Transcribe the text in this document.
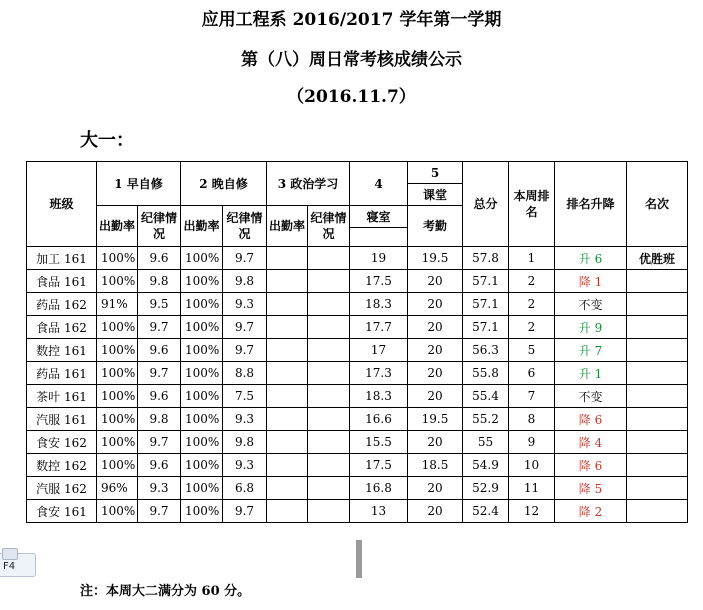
应用工程系 2016/2017 学年第一学期
第（八）周日常考核成绩公示
（2016.11.7）
大一：
班级	1 早自修		2 晚自修		3 政治学习		4	5	总分	本周排名	排名升降	名次
								课堂				
	出勤率	纪律情况	出勤率	纪律情况	出勤率	纪律情况	寝室	考勤				

加工 161	100%	9.6	100%	9.7			19	19.5	57.8	1	升 6	优胜班
食品 161	100%	9.8	100%	9.8			17.5	20	57.1	2	降 1	
药品 162	91%	9.5	100%	9.3			18.3	20	57.1	2	不变	
食品 162	100%	9.7	100%	9.7			17.7	20	57.1	2	升 9	
数控 161	100%	9.6	100%	9.7			17	20	56.3	5	升 7	
药品 161	100%	9.7	100%	8.8			17.3	20	55.8	6	升 1	
茶叶 161	100%	9.6	100%	7.5			18.3	20	55.4	7	不变	
汽服 161	100%	9.8	100%	9.3			16.6	19.5	55.2	8	降 6	
食安 162	100%	9.7	100%	9.8			15.5	20	55	9	降 4	
数控 162	100%	9.6	100%	9.3			17.5	18.5	54.9	10	降 6	
汽服 162	96%	9.3	100%	6.8			16.8	20	52.9	11	降 5	
食安 161	100%	9.7	100%	9.7			13	20	52.4	12	降 2	
F4
注：本周大二满分为 60 分。
